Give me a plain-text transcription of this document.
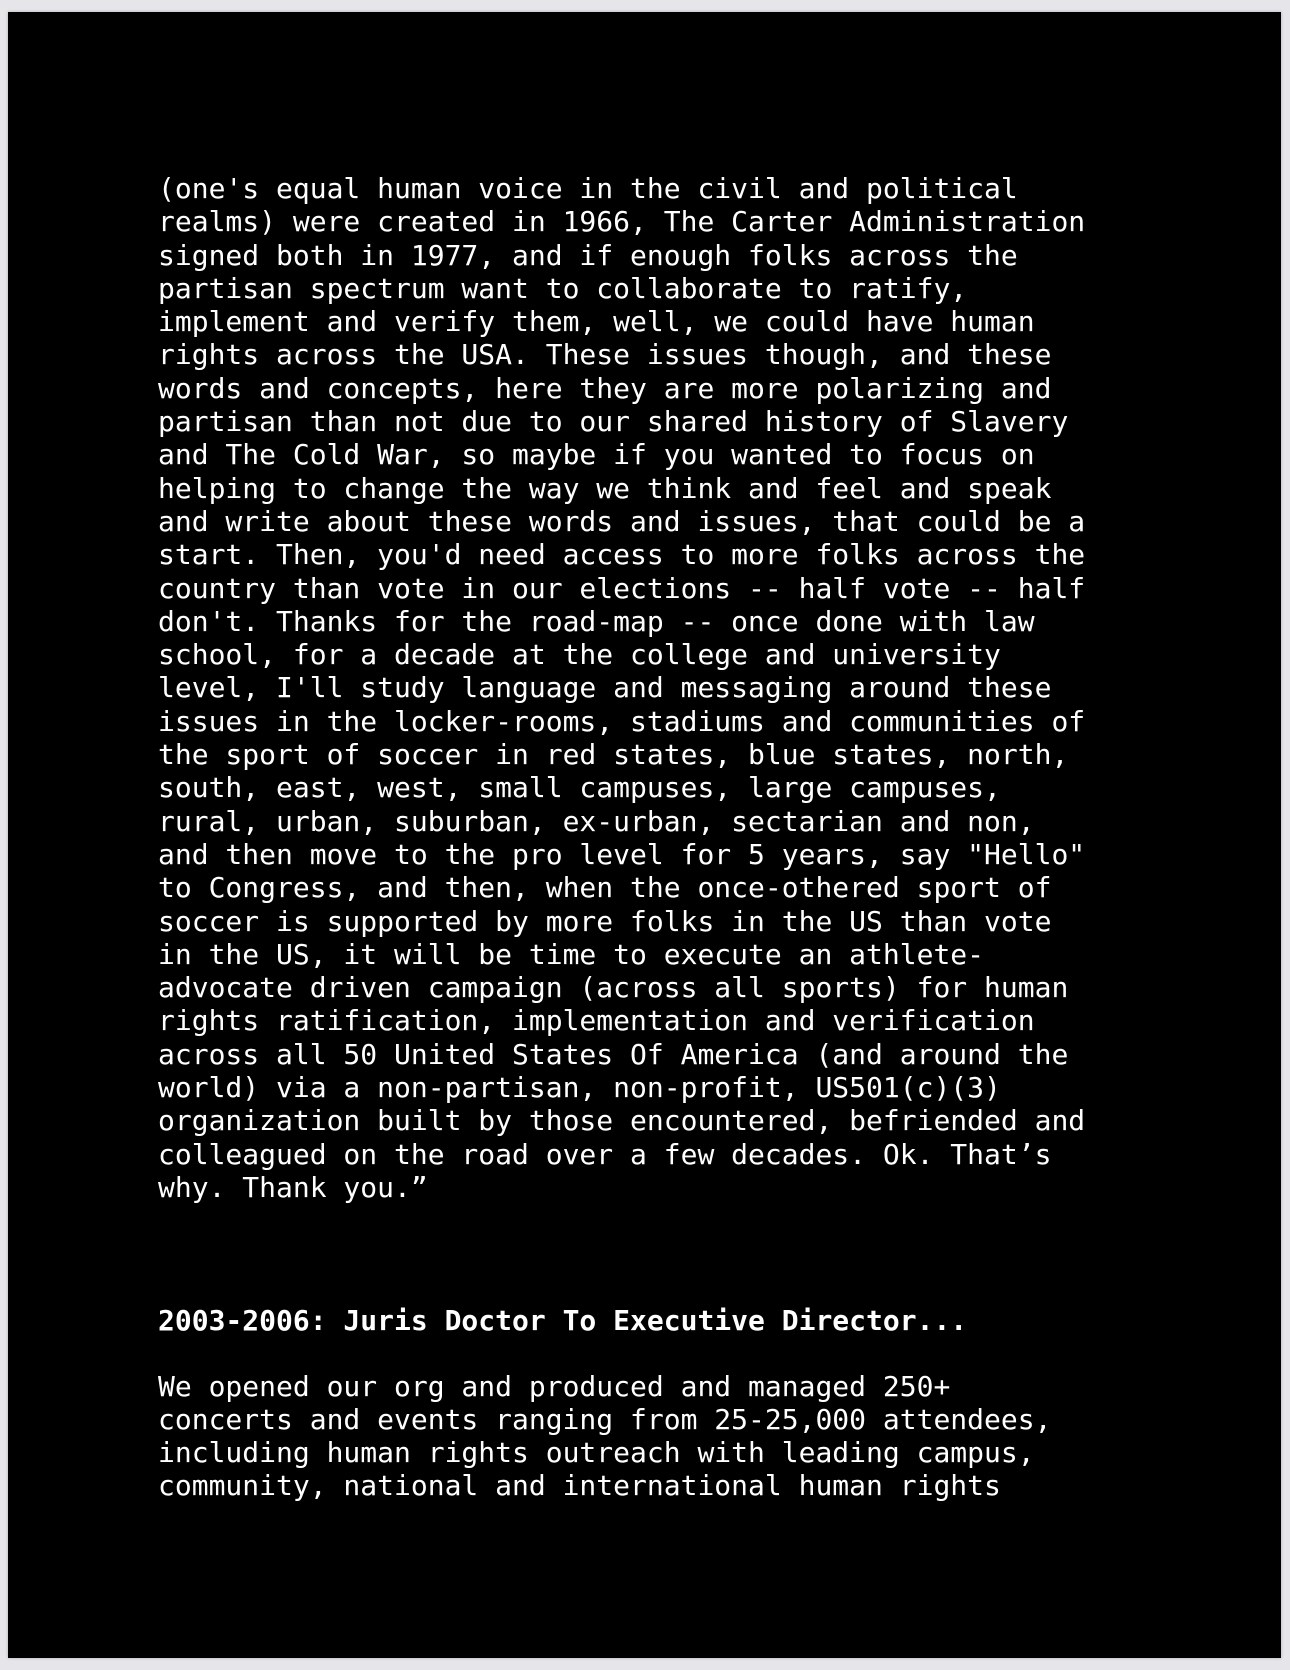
(one's equal human voice in the civil and political
realms) were created in 1966, The Carter Administration
signed both in 1977, and if enough folks across the
partisan spectrum want to collaborate to ratify,
implement and verify them, well, we could have human
rights across the USA. These issues though, and these
words and concepts, here they are more polarizing and
partisan than not due to our shared history of Slavery
and The Cold War, so maybe if you wanted to focus on
helping to change the way we think and feel and speak
and write about these words and issues, that could be a
start. Then, you'd need access to more folks across the
country than vote in our elections -- half vote -- half
don't. Thanks for the road-map -- once done with law
school, for a decade at the college and university
level, I'll study language and messaging around these
issues in the locker-rooms, stadiums and communities of
the sport of soccer in red states, blue states, north,
south, east, west, small campuses, large campuses,
rural, urban, suburban, ex-urban, sectarian and non,
and then move to the pro level for 5 years, say "Hello"
to Congress, and then, when the once-othered sport of
soccer is supported by more folks in the US than vote
in the US, it will be time to execute an athlete-
advocate driven campaign (across all sports) for human
rights ratification, implementation and verification
across all 50 United States Of America (and around the
world) via a non-partisan, non-profit, US501(c)(3)
organization built by those encountered, befriended and
colleagued on the road over a few decades. Ok. That’s
why. Thank you.”
2003-2006: Juris Doctor To Executive Director...
We opened our org and produced and managed 250+
concerts and events ranging from 25-25,000 attendees,
including human rights outreach with leading campus,
community, national and international human rights
